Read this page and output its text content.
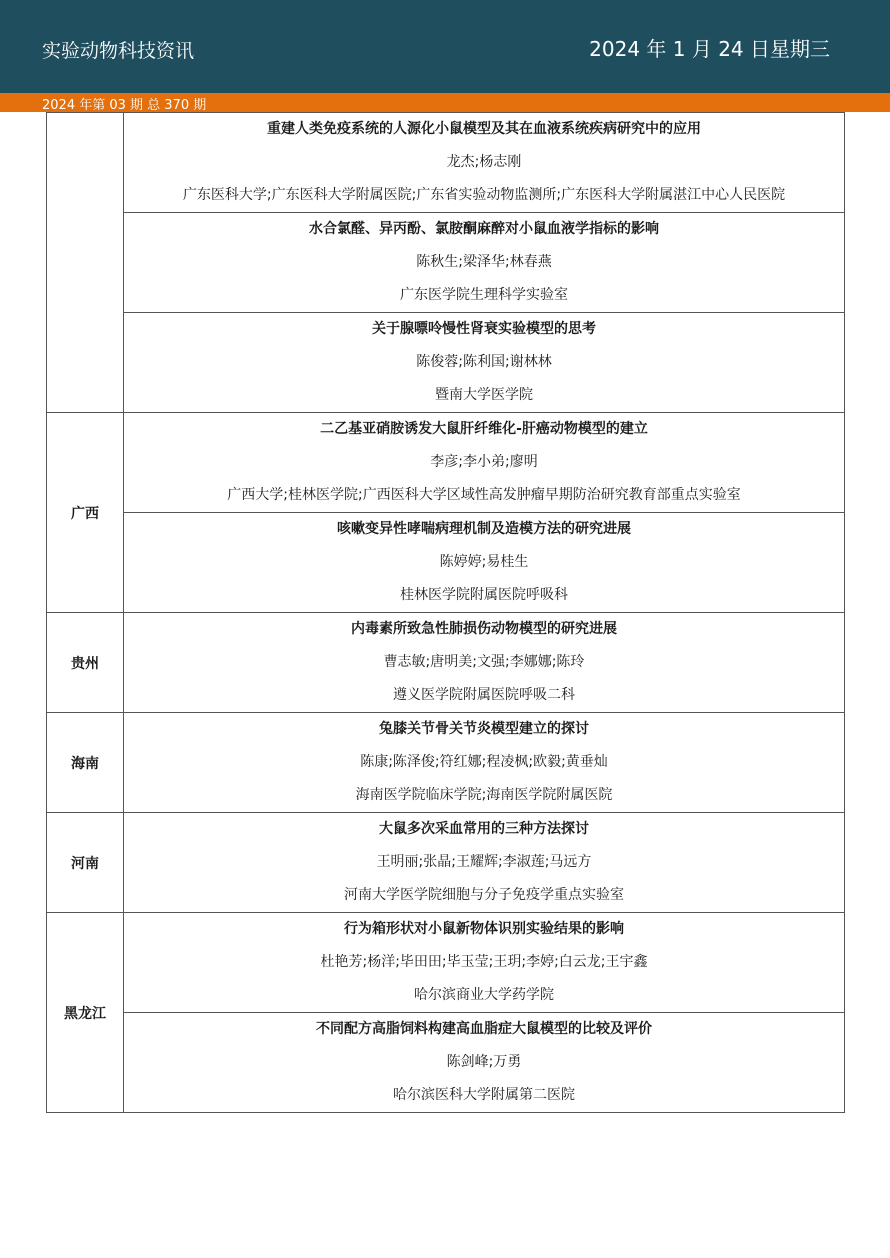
实验动物科技资讯	2024 年 1 月 24 日星期三
2024 年第 03 期 总 370 期

	重建人类免疫系统的人源化小鼠模型及其在血液系统疾病研究中的应用
龙杰;杨志刚
广东医科大学;广东医科大学附属医院;广东省实验动物监测所;广东医科大学附属湛江中心人民医院

	水合氯醛、异丙酚、氯胺酮麻醉对小鼠血液学指标的影响
陈秋生;梁泽华;林春燕
广东医学院生理科学实验室

	关于腺嘌呤慢性肾衰实验模型的思考
陈俊蓉;陈利国;谢林林
暨南大学医学院

广西	二乙基亚硝胺诱发大鼠肝纤维化-肝癌动物模型的建立
李彦;李小弟;廖明
广西大学;桂林医学院;广西医科大学区域性高发肿瘤早期防治研究教育部重点实验室

	咳嗽变异性哮喘病理机制及造模方法的研究进展
陈婷婷;易桂生
桂林医学院附属医院呼吸科

贵州	内毒素所致急性肺损伤动物模型的研究进展
曹志敏;唐明美;文强;李娜娜;陈玲
遵义医学院附属医院呼吸二科

海南	兔膝关节骨关节炎模型建立的探讨
陈康;陈泽俊;符红娜;程凌枫;欧毅;黄垂灿
海南医学院临床学院;海南医学院附属医院

河南	大鼠多次采血常用的三种方法探讨
王明丽;张晶;王耀辉;李淑莲;马远方
河南大学医学院细胞与分子免疫学重点实验室

黑龙江	行为箱形状对小鼠新物体识别实验结果的影响
杜艳芳;杨洋;毕田田;毕玉莹;王玥;李婷;白云龙;王宇鑫
哈尔滨商业大学药学院

	不同配方高脂饲料构建高血脂症大鼠模型的比较及评价
陈剑峰;万勇
哈尔滨医科大学附属第二医院
